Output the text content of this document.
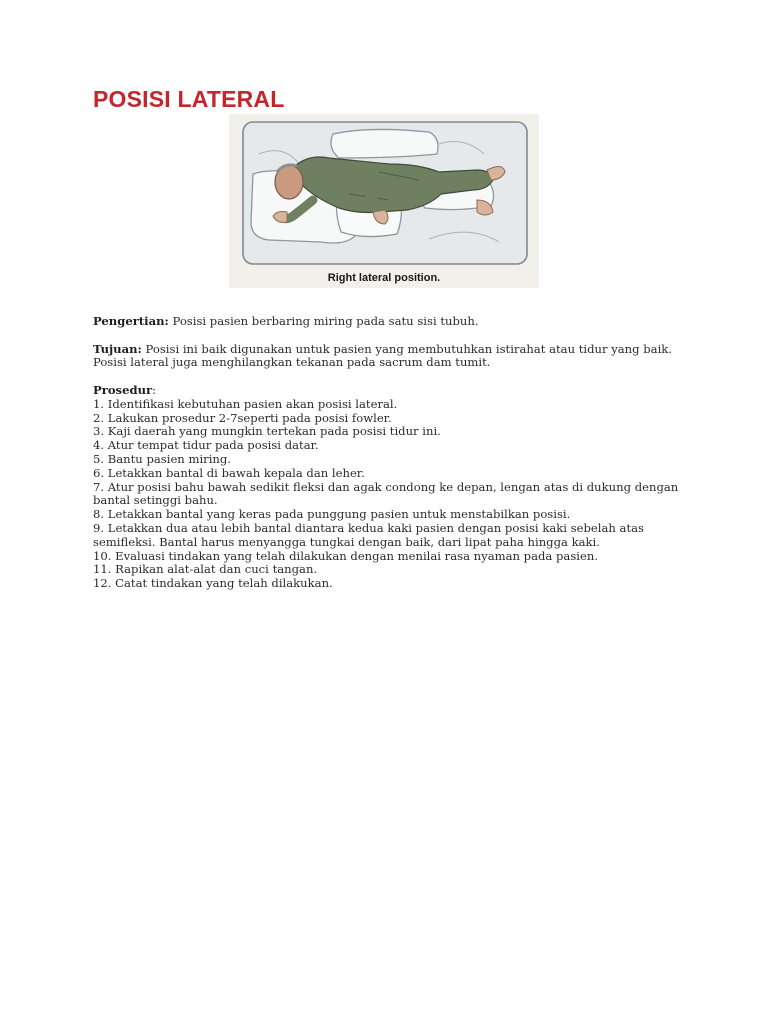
POSISI LATERAL
Right lateral position.

Pengertian: Posisi pasien berbaring miring pada satu sisi tubuh.

Tujuan: Posisi ini baik digunakan untuk pasien yang membutuhkan istirahat atau tidur yang baik. Posisi lateral juga menghilangkan tekanan pada sacrum dam tumit.

Prosedur:
1. Identifikasi kebutuhan pasien akan posisi lateral.
2. Lakukan prosedur 2-7seperti pada posisi fowler.
3. Kaji daerah yang mungkin tertekan pada posisi tidur ini.
4. Atur tempat tidur pada posisi datar.
5. Bantu pasien miring.
6. Letakkan bantal di bawah kepala dan leher.
7. Atur posisi bahu bawah sedikit fleksi dan agak condong ke depan, lengan atas di dukung dengan bantal setinggi bahu.
8. Letakkan bantal yang keras pada punggung pasien untuk menstabilkan posisi.
9. Letakkan dua atau lebih bantal diantara kedua kaki pasien dengan posisi kaki sebelah atas semifleksi. Bantal harus menyangga tungkai dengan baik, dari lipat paha hingga kaki.
10. Evaluasi tindakan yang telah dilakukan dengan menilai rasa nyaman pada pasien.
11. Rapikan alat-alat dan cuci tangan.
12. Catat tindakan yang telah dilakukan.
